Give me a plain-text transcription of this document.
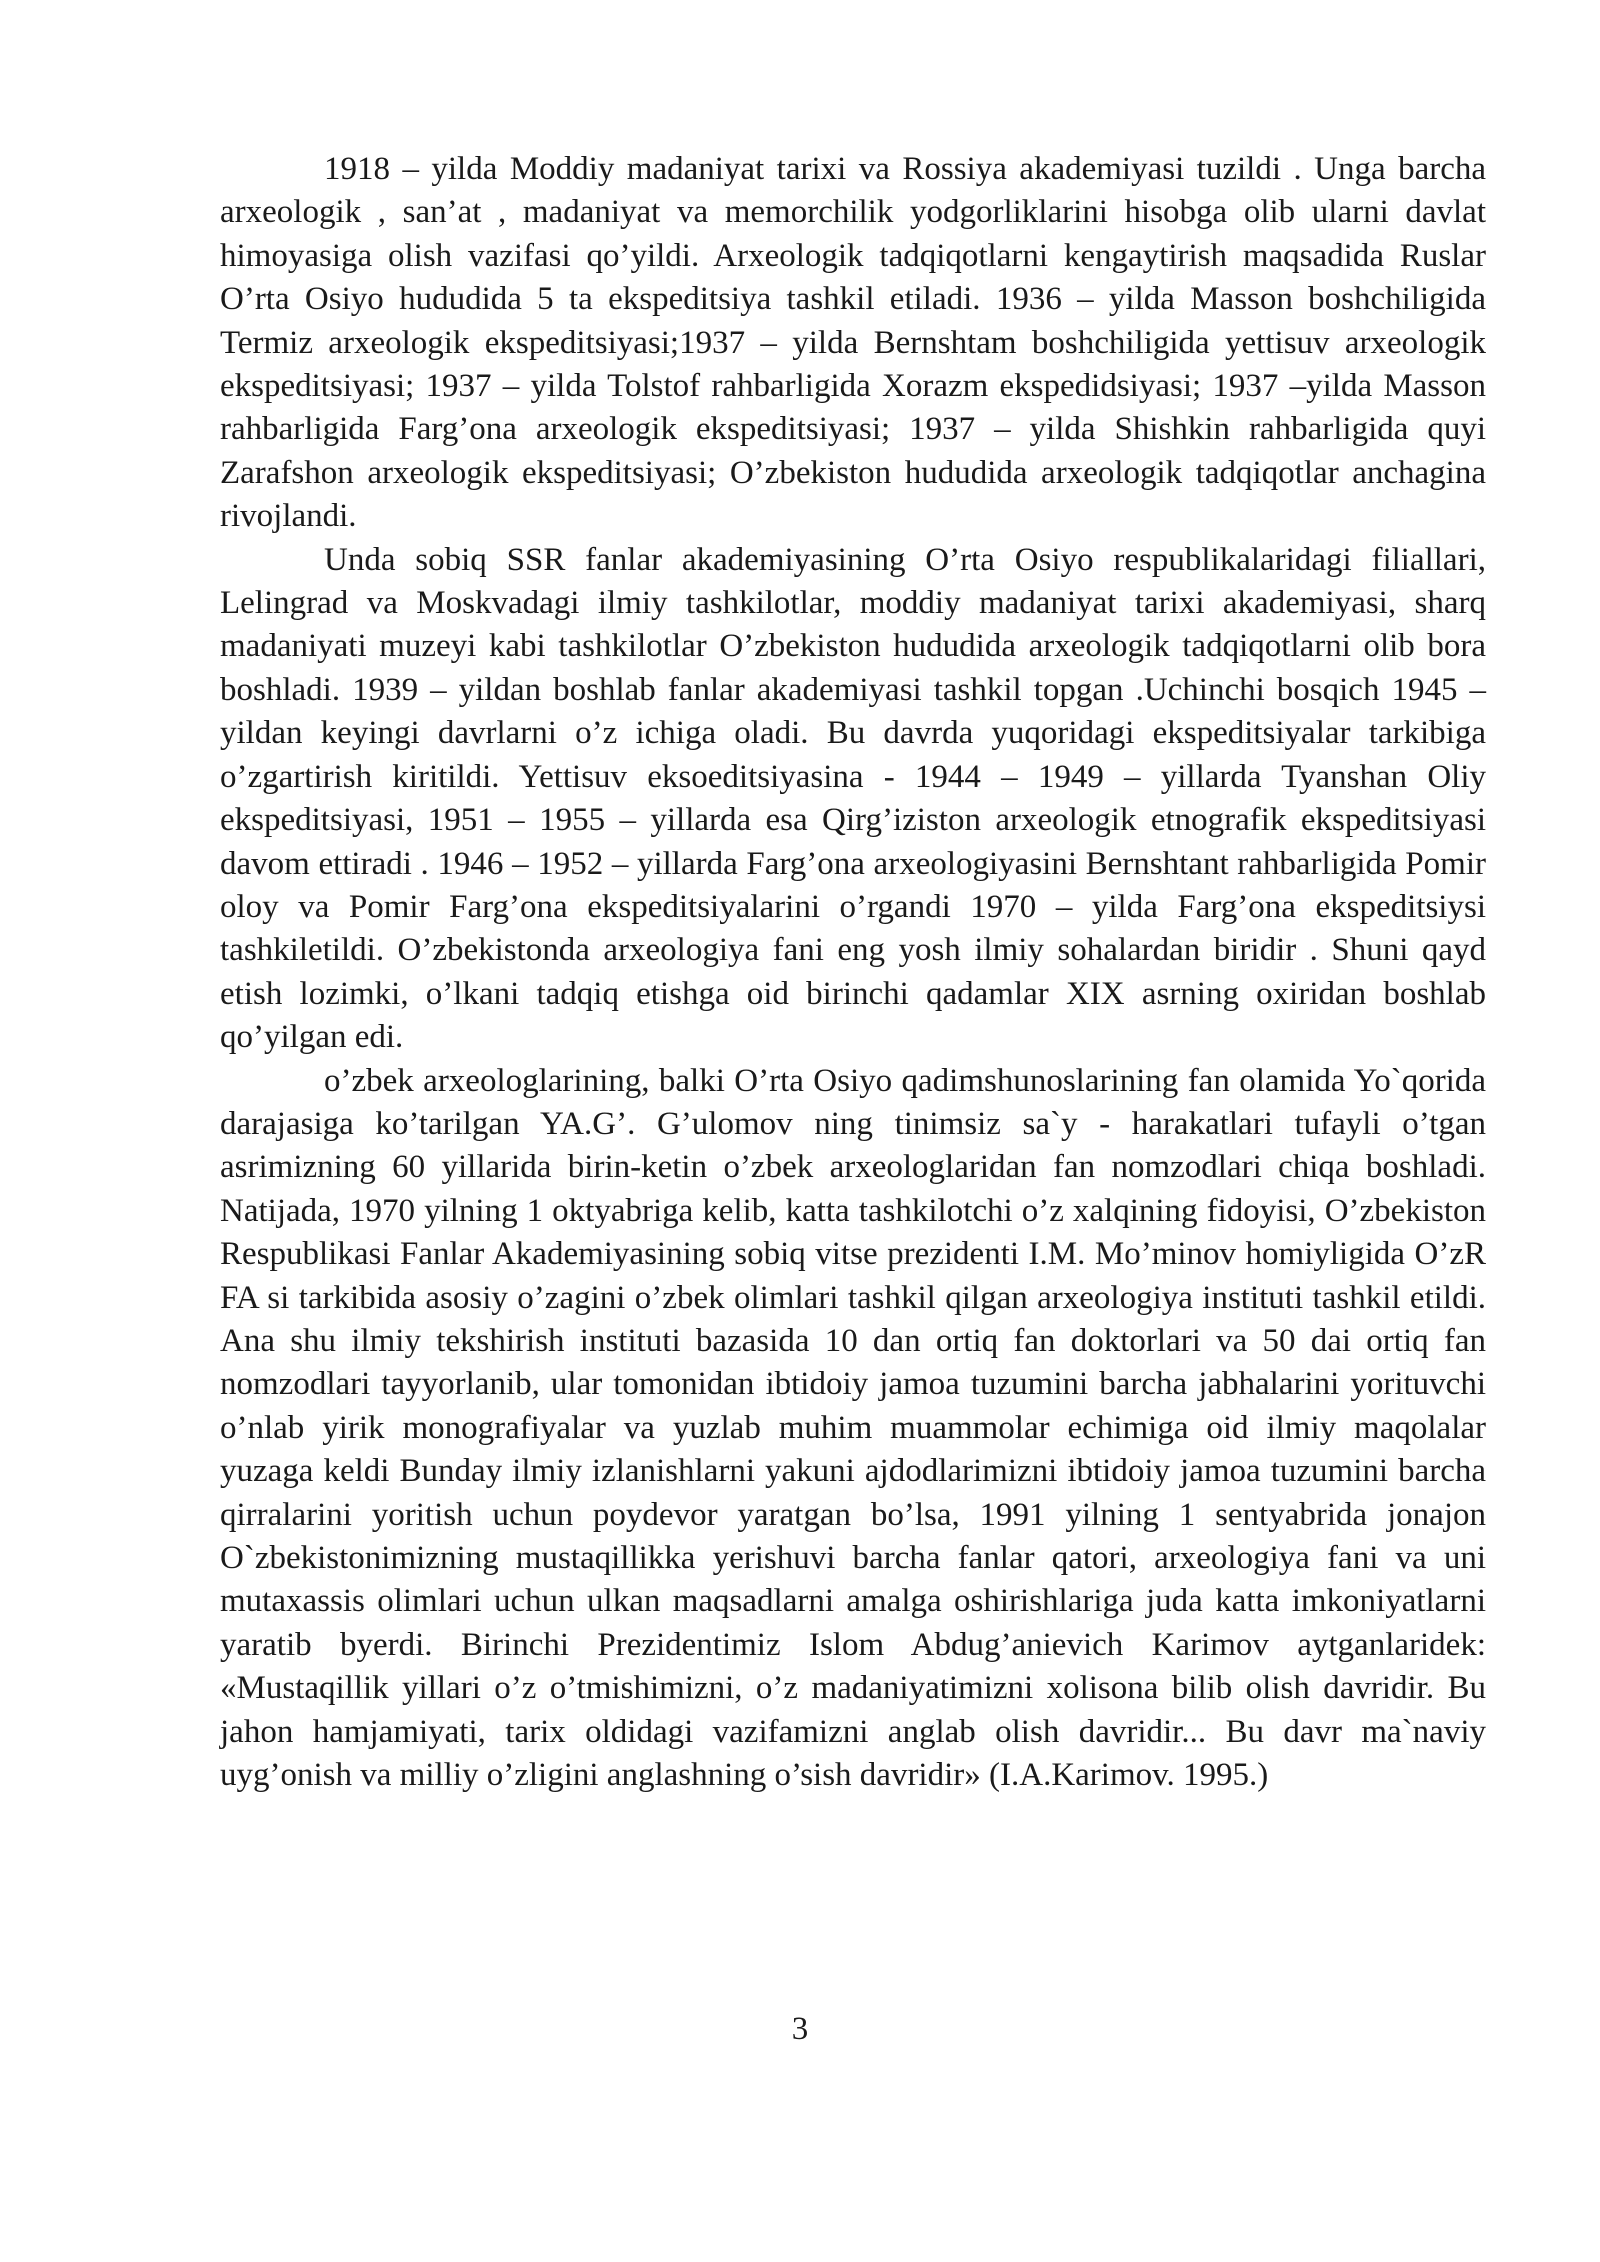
1918 – yilda Moddiy madaniyat tarixi va Rossiya akademiyasi tuzildi . Unga barcha arxeologik , san’at , madaniyat va memorchilik yodgorliklarini hisobga olib ularni davlat himoyasiga olish vazifasi qo’yildi. Arxeologik tadqiqotlarni kengaytirish maqsadida Ruslar O’rta Osiyo hududida 5 ta ekspeditsiya tashkil etiladi. 1936 – yilda Masson boshchiligida Termiz arxeologik ekspeditsiyasi;1937 – yilda Bernshtam boshchiligida yettisuv arxeologik ekspeditsiyasi; 1937 – yilda Tolstof rahbarligida Xorazm ekspedidsiyasi; 1937 –yilda Masson rahbarligida Farg’ona arxeologik ekspeditsiyasi; 1937 – yilda Shishkin rahbarligida quyi Zarafshon arxeologik ekspeditsiyasi; O’zbekiston hududida arxeologik tadqiqotlar anchagina rivojlandi.

Unda sobiq SSR fanlar akademiyasining O’rta Osiyo respublikalaridagi filiallari, Lelingrad va Moskvadagi ilmiy tashkilotlar, moddiy madaniyat tarixi akademiyasi, sharq madaniyati muzeyi kabi tashkilotlar O’zbekiston hududida arxeologik tadqiqotlarni olib bora boshladi. 1939 – yildan boshlab fanlar akademiyasi tashkil topgan .Uchinchi bosqich 1945 – yildan keyingi davrlarni o’z ichiga oladi. Bu davrda yuqoridagi ekspeditsiyalar tarkibiga o’zgartirish kiritildi. Yettisuv eksoeditsiyasina - 1944 – 1949 – yillarda Tyanshan Oliy ekspeditsiyasi, 1951 – 1955 – yillarda esa Qirg’iziston arxeologik etnografik ekspeditsiyasi davom ettiradi . 1946 – 1952 – yillarda Farg’ona arxeologiyasini Bernshtant rahbarligida Pomir oloy va Pomir Farg’ona ekspeditsiyalarini o’rgandi 1970 – yilda Farg’ona ekspeditsiysi tashkiletildi. O’zbekistonda arxeologiya fani eng yosh ilmiy sohalardan biridir . Shuni qayd etish lozimki, o’lkani tadqiq etishga oid birinchi qadamlar XIX asrning oxiridan boshlab qo’yilgan edi.

o’zbek arxeologlarining, balki O’rta Osiyo qadimshunoslarining fan olamida Yo`qorida darajasiga ko’tarilgan YA.G’. G’ulomov ning tinimsiz sa`y - harakatlari tufayli o’tgan asrimizning 60 yillarida birin-ketin o’zbek arxeologlaridan fan nomzodlari chiqa boshladi. Natijada, 1970 yilning 1 oktyabriga kelib, katta tashkilotchi o’z xalqining fidoyisi, O’zbekiston Respublikasi Fanlar Akademiyasining sobiq vitse prezidenti I.M. Mo’minov homiyligida O’zR FA si tarkibida asosiy o’zagini o’zbek olimlari tashkil qilgan arxeologiya instituti tashkil etildi. Ana shu ilmiy tekshirish instituti bazasida 10 dan ortiq fan doktorlari va 50 dai ortiq fan nomzodlari tayyorlanib, ular tomonidan ibtidoiy jamoa tuzumini barcha jabhalarini yorituvchi o’nlab yirik monografiyalar va yuzlab muhim muammolar echimiga oid ilmiy maqolalar yuzaga keldi Bunday ilmiy izlanishlarni yakuni ajdodlarimizni ibtidoiy jamoa tuzumini barcha qirralarini yoritish uchun poydevor yaratgan bo’lsa, 1991 yilning 1 sentyabrida jonajon O`zbekistonimizning mustaqillikka yerishuvi barcha fanlar qatori, arxeologiya fani va uni mutaxassis olimlari uchun ulkan maqsadlarni amalga oshirishlariga juda katta imkoniyatlarni yaratib byerdi. Birinchi Prezidentimiz Islom Abdug’anievich Karimov aytganlaridek: «Mustaqillik yillari o’z o’tmishimizni, o’z madaniyatimizni xolisona bilib olish davridir. Bu jahon hamjamiyati, tarix oldidagi vazifamizni anglab olish davridir... Bu davr ma`naviy uyg’onish va milliy o’zligini anglashning o’sish davridir» (I.A.Karimov. 1995.)

3
